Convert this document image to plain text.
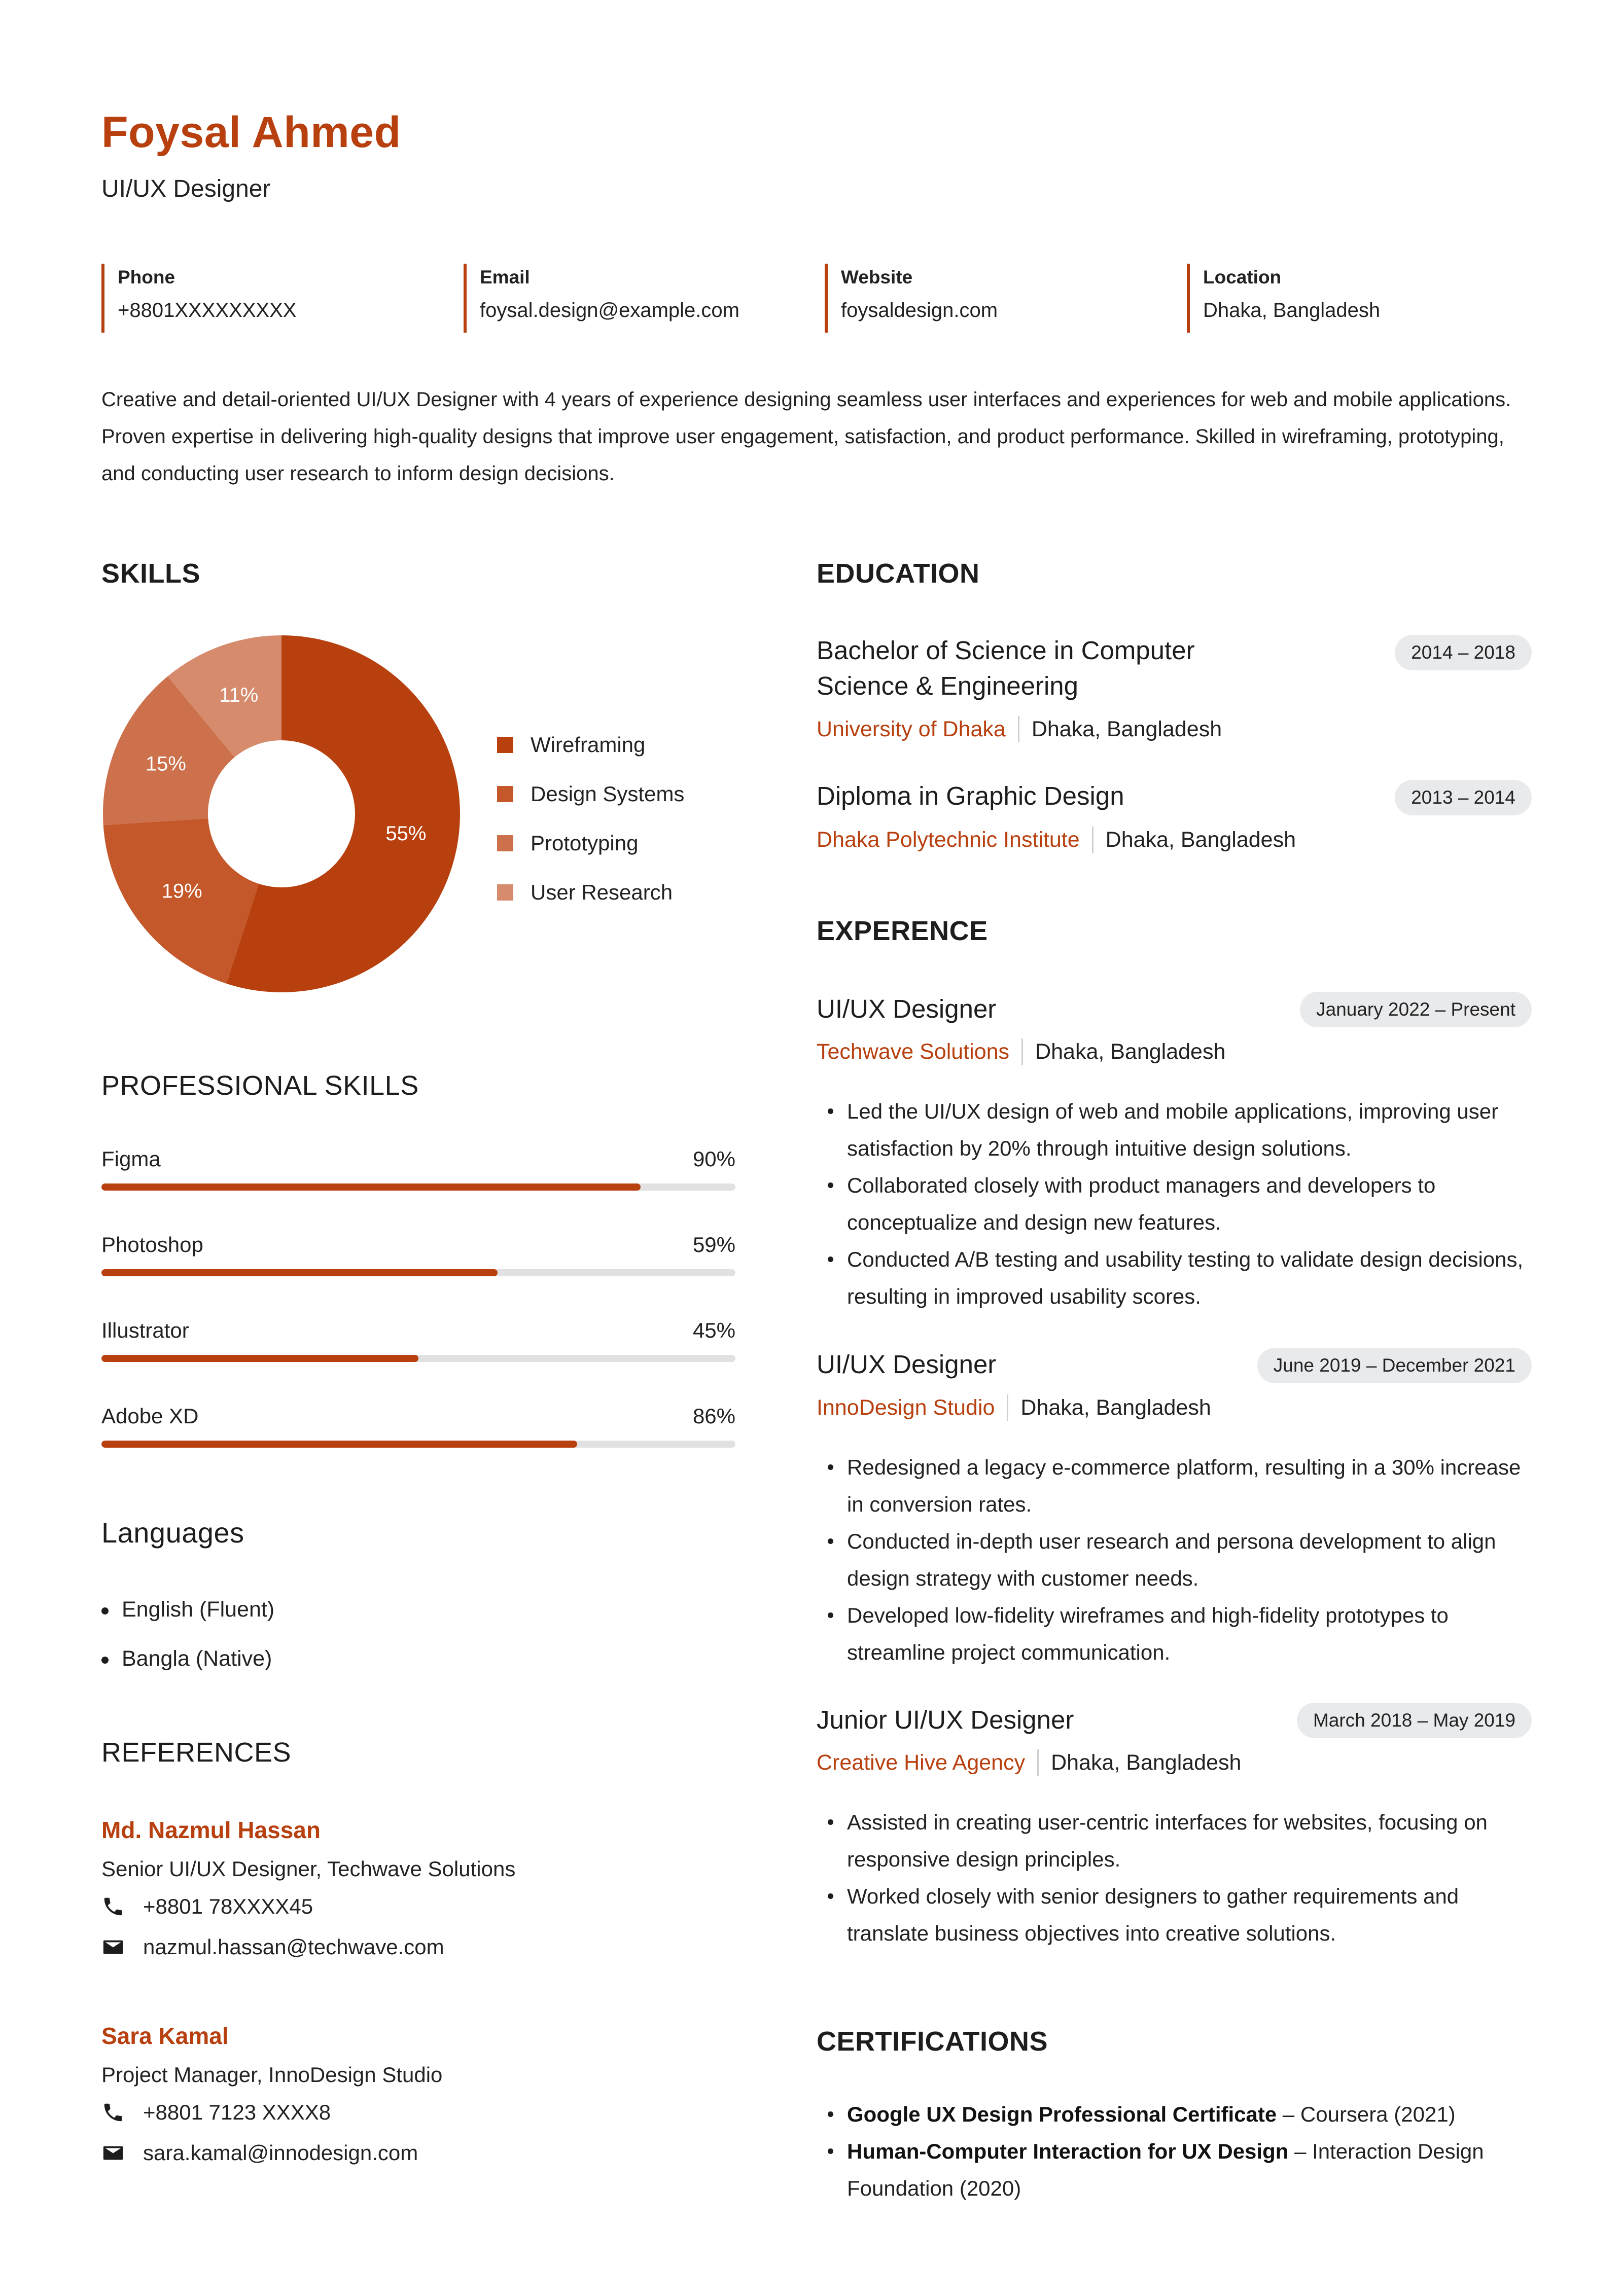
Foysal Ahmed
UI/UX Designer
Phone
+8801XXXXXXXXX
Email
foysal.design@example.com
Website
foysaldesign.com
Location
Dhaka, Bangladesh

Creative and detail-oriented UI/UX Designer with 4 years of experience designing seamless user interfaces and experiences for web and mobile applications. Proven expertise in delivering high-quality designs that improve user engagement, satisfaction, and product performance. Skilled in wireframing, prototyping, and conducting user research to inform design decisions.

SKILLS
55%
19%
15%
11%
Wireframing
Design Systems
Prototyping
User Research
PROFESSIONAL SKILLS
Figma	90%
Photoshop	59%
Illustrator	45%
Adobe XD	86%
Languages
English (Fluent)
Bangla (Native)
REFERENCES
Md. Nazmul Hassan
Senior UI/UX Designer, Techwave Solutions
+8801 78XXXX45
nazmul.hassan@techwave.com
Sara Kamal
Project Manager, InnoDesign Studio
+8801 7123 XXXX8
sara.kamal@innodesign.com
EDUCATION
Bachelor of Science in Computer Science & Engineering
2014 – 2018
University of Dhaka Dhaka, Bangladesh
Diploma in Graphic Design	2013 – 2014
Dhaka Polytechnic Institute Dhaka, Bangladesh
EXPERENCE
UI/UX Designer	January 2022 – Present
Techwave Solutions Dhaka, Bangladesh
Led the UI/UX design of web and mobile applications, improving user satisfaction by 20% through intuitive design solutions.
Collaborated closely with product managers and developers to conceptualize and design new features.
Conducted A/B testing and usability testing to validate design decisions, resulting in improved usability scores.
UI/UX Designer	June 2019 – December 2021
InnoDesign Studio Dhaka, Bangladesh
Redesigned a legacy e-commerce platform, resulting in a 30% increase in conversion rates.
Conducted in-depth user research and persona development to align design strategy with customer needs.
Developed low-fidelity wireframes and high-fidelity prototypes to streamline project communication.
Junior UI/UX Designer	March 2018 – May 2019
Creative Hive Agency Dhaka, Bangladesh
Assisted in creating user-centric interfaces for websites, focusing on responsive design principles.
Worked closely with senior designers to gather requirements and translate business objectives into creative solutions.
CERTIFICATIONS
Google UX Design Professional Certificate – Coursera (2021)
Human-Computer Interaction for UX Design – Interaction Design Foundation (2020)
